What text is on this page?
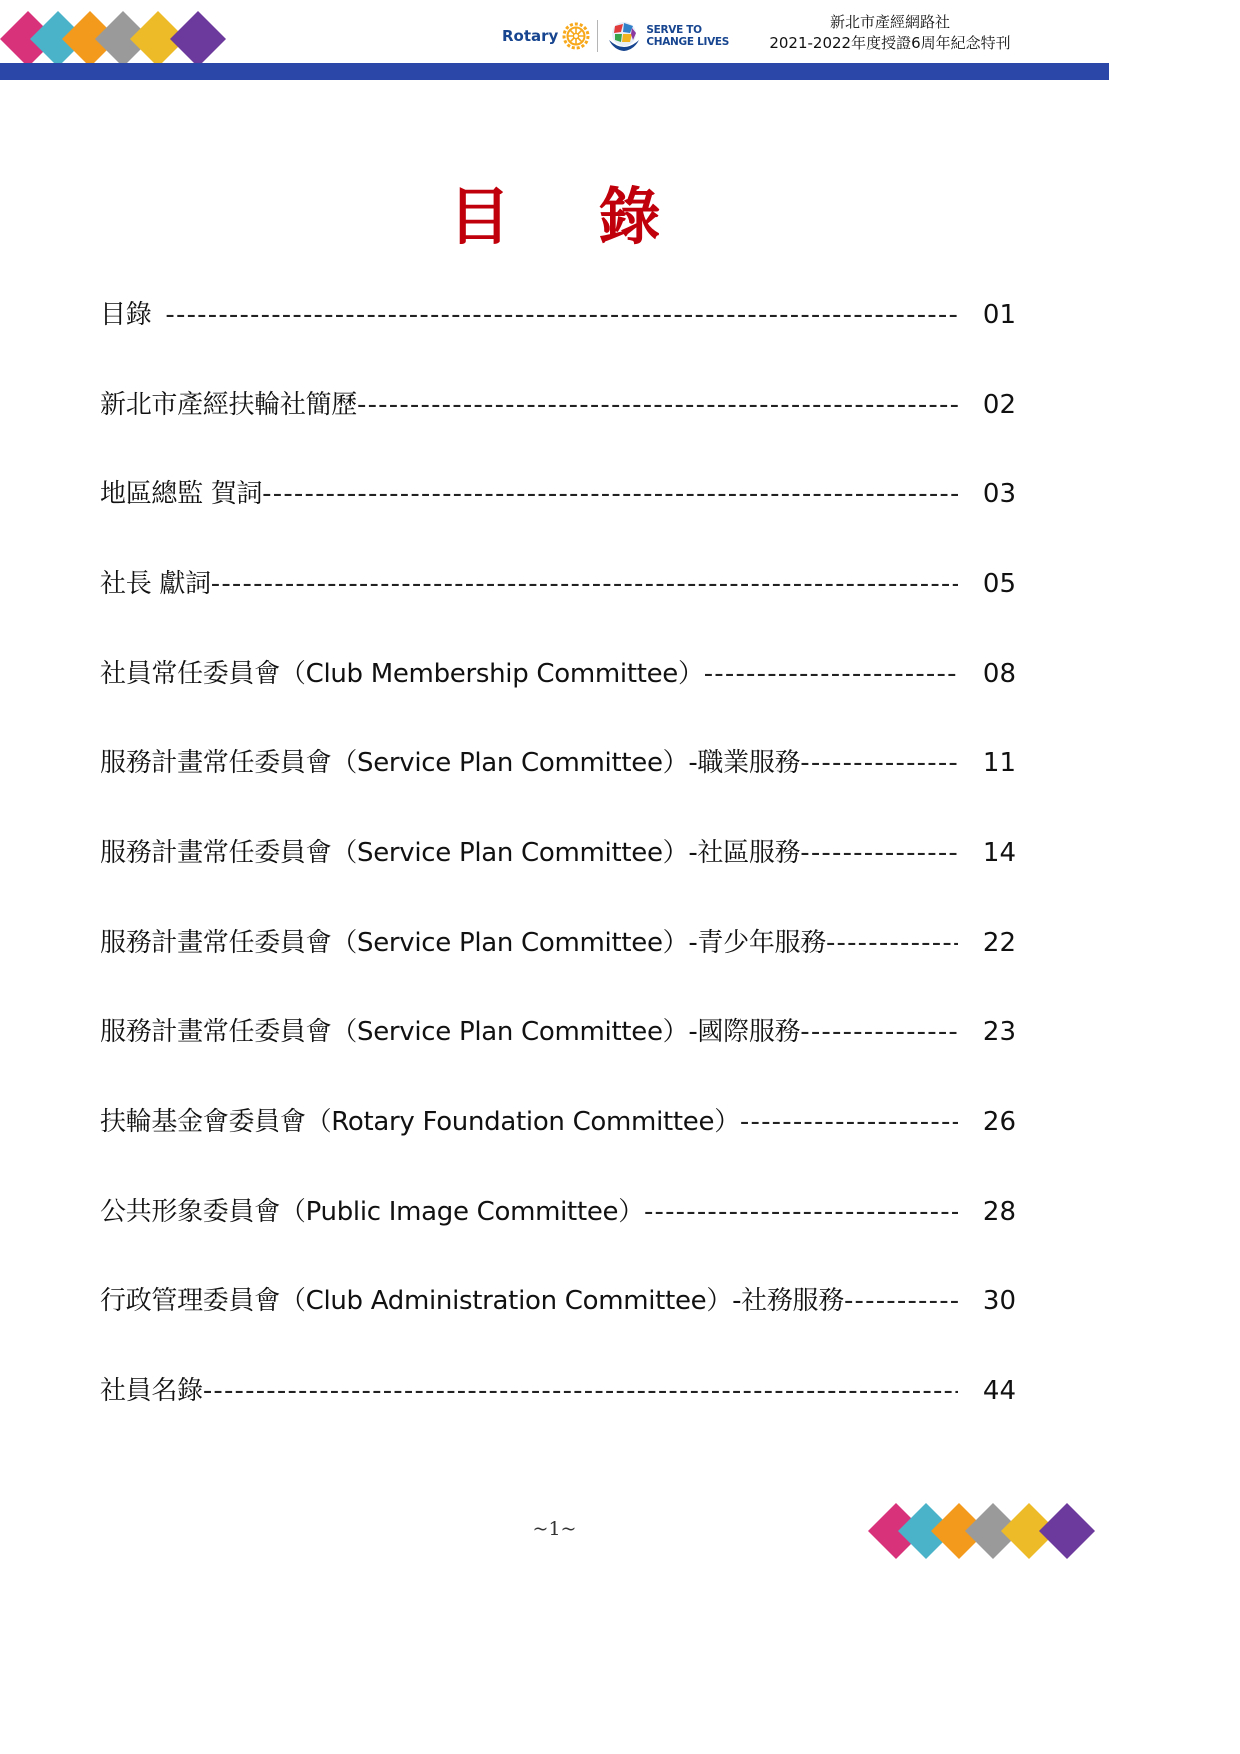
Rotary	SERVE TO
CHANGE LIVES
新北市產經網路社
2021-2022年度授證6周年紀念特刊
目 錄
目錄 -----	01
新北市產經扶輪社簡歷 -----	02
地區總監 賀詞 -----	03
社長 獻詞 -----	05
社員常任委員會（Club Membership Committee） -----	08
服務計畫常任委員會（Service Plan Committee）-職業服務 -----	11
服務計畫常任委員會（Service Plan Committee）-社區服務 -----	14
服務計畫常任委員會（Service Plan Committee）-青少年服務 -----	22
服務計畫常任委員會（Service Plan Committee）-國際服務 -----	23
扶輪基金會委員會（Rotary Foundation Committee） -----	26
公共形象委員會（Public Image Committee） -----	28
行政管理委員會（Club Administration Committee）-社務服務 -----	30
社員名錄 -----	44
~1~
